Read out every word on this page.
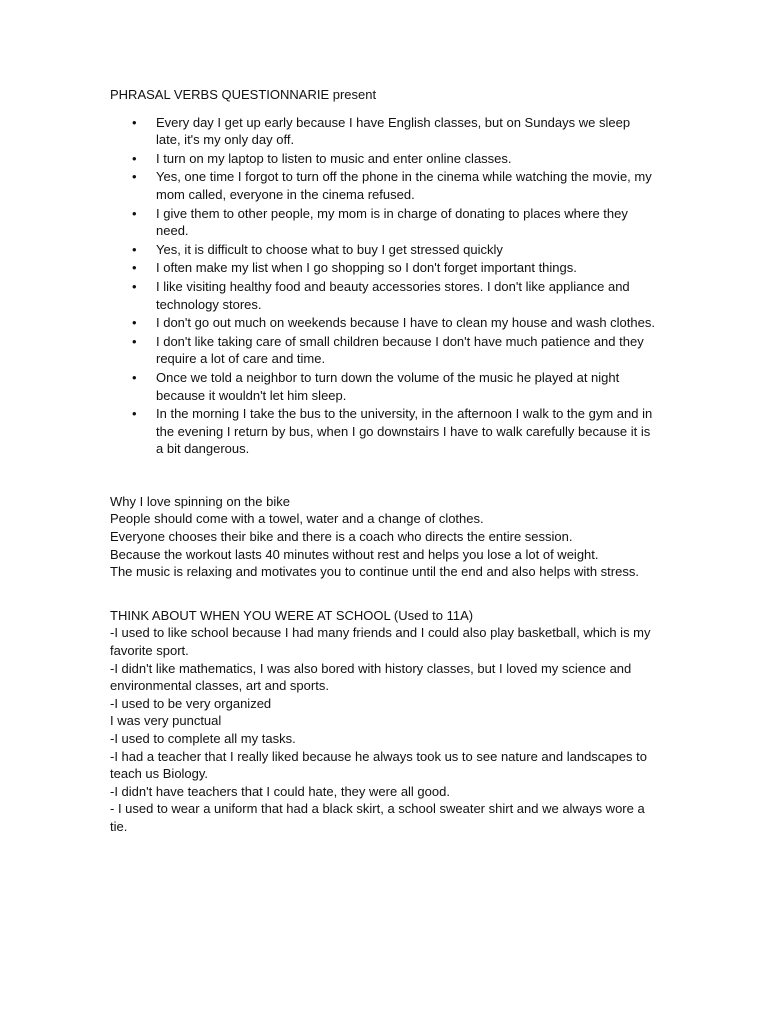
PHRASAL VERBS QUESTIONNARIE present
• Every day I get up early because I have English classes, but on Sundays we sleep late, it's my only day off.
• I turn on my laptop to listen to music and enter online classes.
• Yes, one time I forgot to turn off the phone in the cinema while watching the movie, my mom called, everyone in the cinema refused.
• I give them to other people, my mom is in charge of donating to places where they need.
• Yes, it is difficult to choose what to buy I get stressed quickly
• I often make my list when I go shopping so I don't forget important things.
• I like visiting healthy food and beauty accessories stores. I don't like appliance and technology stores.
• I don't go out much on weekends because I have to clean my house and wash clothes.
• I don't like taking care of small children because I don't have much patience and they require a lot of care and time.
• Once we told a neighbor to turn down the volume of the music he played at night because it wouldn't let him sleep.
• In the morning I take the bus to the university, in the afternoon I walk to the gym and in the evening I return by bus, when I go downstairs I have to walk carefully because it is a bit dangerous.
Why I love spinning on the bike
People should come with a towel, water and a change of clothes.
Everyone chooses their bike and there is a coach who directs the entire session.
Because the workout lasts 40 minutes without rest and helps you lose a lot of weight.
The music is relaxing and motivates you to continue until the end and also helps with stress.
THINK ABOUT WHEN YOU WERE AT SCHOOL (Used to 11A)
-I used to like school because I had many friends and I could also play basketball, which is my favorite sport.
-I didn't like mathematics, I was also bored with history classes, but I loved my science and environmental classes, art and sports.
-I used to be very organized
I was very punctual
-I used to complete all my tasks.
-I had a teacher that I really liked because he always took us to see nature and landscapes to teach us Biology.
-I didn't have teachers that I could hate, they were all good.
- I used to wear a uniform that had a black skirt, a school sweater shirt and we always wore a tie.
